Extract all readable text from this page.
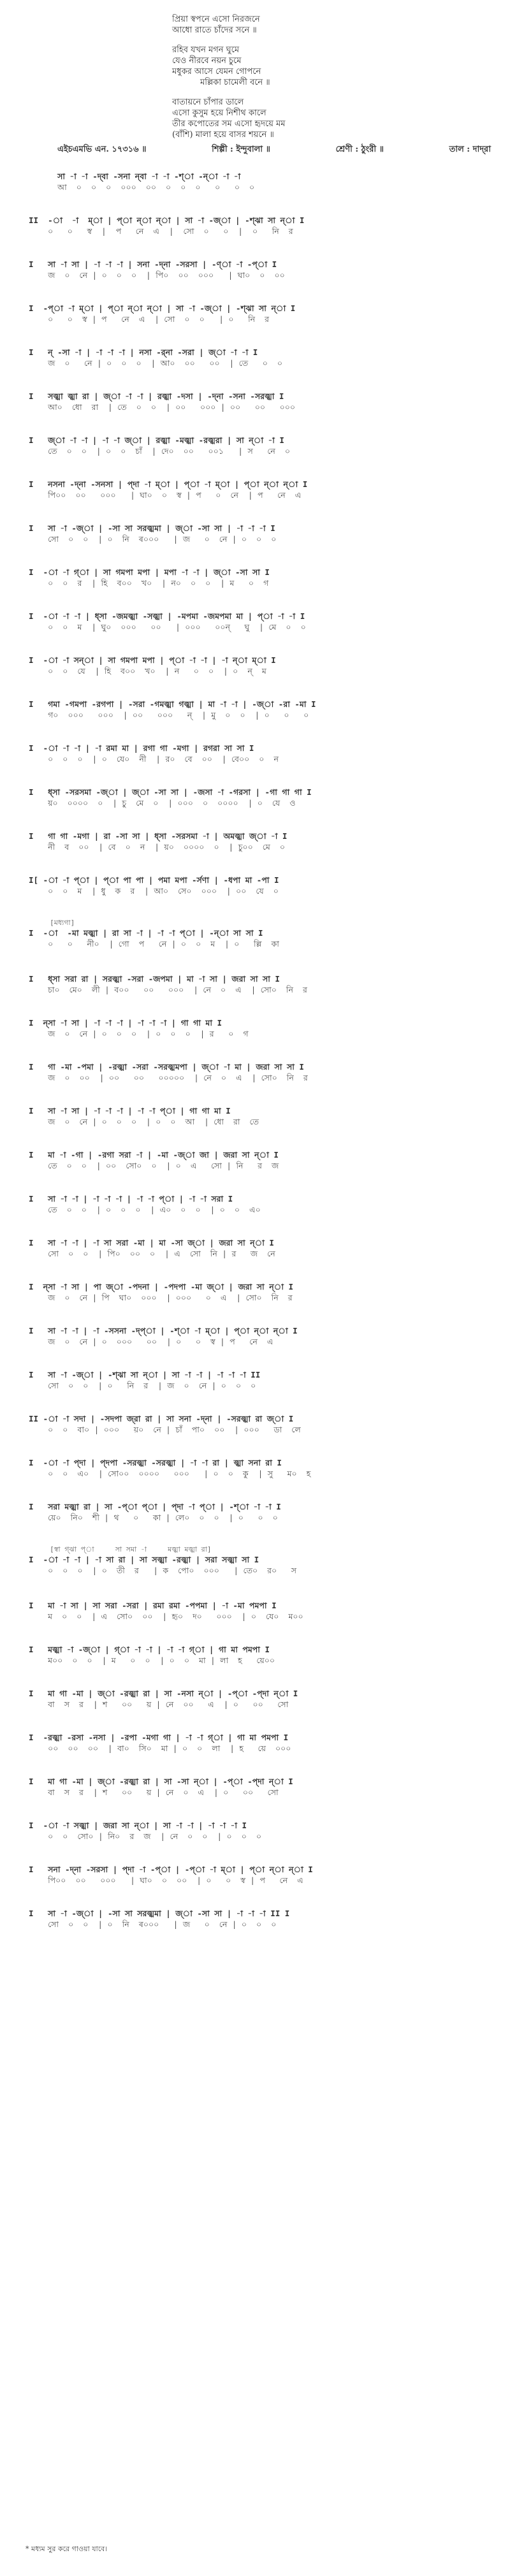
প্রিয়া স্বপনে এসো নিরজনে
আধো রাতে চাঁদের সনে ॥
রহিব যখন মগন ঘুমে
যেও নীরবে নয়ন চুমে
মধুকর আসে যেমন গোপনে
মল্লিকা চামেলী বনে ॥
বাতায়নে চাঁপার ডালে
এসো কুসুম হয়ে নিশীথ কালে
তীর কপোতের সম এসো হৃদয়ে মম
(বাঁশি) মালা হয়ে বাসর শয়নে ॥
এইচএমভি এন. ১৭৩১৬ ॥	শিল্পী : ইন্দুবালা ॥	শ্রেণী : ঠুংরী ॥	তাল : দাদ্‌রা
সা -া -া -দ্‌বা -সনা ন্‌বা -া -া -শ্‌া -ন্‌া -া -া
আ  ০  ০  ০  ০০০  ০০  ০  ০  ০   ০   ০  ০
II  -া  -া  ম্‌া | প্‌া ন্‌া ন্‌া | সা -া -জ্‌া | -শ্ঝা সা ন্‌া I
০   ০   স্ব  |  প   নে  এ  |  সো  ০   ০  |  ০   নি  র
I   সা -া সা | -া -া -া | সনা -দ্‌না -সরসা | -ণ্‌া -া -প্‌া I
জ  ০  নে | ০  ০  ০  | পি০  ০০  ০০০   | ঘা০  ০  ০০
I  -প্‌া -া ম্‌া | প্‌া ন্‌া ন্‌া | সা -া -জ্‌া | -শ্ঝা সা ন্‌া I
০   ০  স্ব | প   নে  এ  | সো  ০  ০   | ০   নি  র
I   ন্‌ -সা -া | -া -া -া | নসা -র্‌না -সরা | জ্‌া -া -া I
জ  ০   নে | ০  ০  ০  | আ০  ০০   ০০  | তে   ০  ০
I   সজ্ঝা জ্ঝা রা | জ্‌া -া -া | রজ্ঝা -দসা | -দ্‌না -সনা -সরজ্ঝা I
আ০  ধো  রা  | তে  ০  ০  | ০০   ০০০ | ০০   ০০   ০০০
I   জ্‌া -া -া | -া -া জ্‌া | রজ্ঝা -মজ্ঝা -রজ্ঝরা | সা ন্‌া -া I
তে  ০  ০  | ০  ০  চাঁ  | দে০  ০০   ০০১   | স   নে  ০
I   নসনা -দ্‌না -সনসা | প্‌দা -া ম্‌া | প্‌া -া ম্‌া | প্‌া ন্‌া ন্‌া I
পি০০  ০০   ০০০   | ঘা০  ০  স্ব | প   ০  নে  | প   নে  এ
I   সা -া -জ্‌া | -সা সা সরজ্ঝমা | জ্‌া -সা সা | -া -া -া I
সো  ০  ০  | ০  নি  ৰ০০০   | জ   ০  নে | ০  ০  ০
I  -া -া গ্‌া | সা গমপা মপা | মপা -া -া | জ্‌া -সা সা I
০  ০  র  | হি  ব০০  খ০  | ন০  ০  ০  | ম   ০  গ
I  -া -া -া | ধ্‌সা -জমজ্ঝা -সজ্ঝা | -মপমা -জমপমা মা | প্‌া -া -া I
০  ০  ম  | ঘু০  ০০০   ০০   | ০০০   ০০ন্‌   ঘু  | মে  ০  ০
I  -া -া সন্‌া | সা গমপা মপা | প্‌া -া -া | -া ন্‌া ম্‌া I
০  ০  যে  | হি  ব০০  খ০  | ন   ০  ০  | ০  ন্‌  ম
I   গমা -গমপা -রগপা | -সরা -গমজ্ঝা গজ্ঝা | মা -া -া | -জ্‌া -রা -মা I
গ০  ০০০   ০০০  | ০০   ০০০   ন্‌  | মু  ০  ০  | ০   ০   ০
I  -া -া -া | -া রমা মা | রগা গা -মগা | রগরা সা সা I
০  ০  ০  | ০  যে০  নী  | র০  বে  ০০  | বে০০  ০  ন
I   ধ্‌সা -সরসমা -জ্‌া | জ্‌া -সা সা | -জসা -া -গরসা | -গা গা গা I
য়০  ০০০০  ০  | চু  মে  ০  | ০০০  ০  ০০০০  | ০  যে  ও
I   গা গা -মগা | রা -সা সা | ধ্‌সা -সরসমা -া | অমজ্ঝা জ্‌া -া I
নী  ব  ০০  | বে  ০  ন  | য়০  ০০০০  ০  | চু০০  মে  ০
I[ -া -া প্‌া | প্‌া পা পা | পমা মপা -র্সণা | -ধপা মা -পা I
০  ০  ম  | ধু  ক  র  | আ০  সে০  ০০০  | ০০  যে  ০
[মধ্যগা]
I  -া  -মা মজ্ঝা | রা সা -া | -া -া প্‌া | -ন্‌া সা সা I
০   ০   নী০  | গো  প   নে | ০  ০  ম  | ০   ল্লি  কা
I   ধ্‌সা সরা রা | সরজ্ঝা -সরা -জপমা | মা -া সা | জরা সা সা I
চা০  মে০  লী | ব০০   ০০   ০০০  | নে  ০  এ  | সো০  নি  র
I  ন্‌সা -া সা | -া -া -া | -া -া -া | গা গা মা I
জ  ০  নে | ০  ০  ০  | ০  ০  ০  | র   ০  গ
I   গা -মা -পমা | -রজ্ঝা -সরা -সরজ্ঝমপা | জ্‌া -া মা | জরা সা সা I
জ  ০  ০০  | ০০   ০০   ০০০০০  | নে  ০  এ  | সো০  নি  র
I   সা -া সা | -া -া -া | -া -া প্‌া | গা গা মা I
জ  ০  নে | ০  ০  ০  | ০  ০  আ  | ধো  রা  তে
I   মা -া -গা | -রগা সরা -া | -মা -জ্‌া জা | জরা সা ন্‌া I
তে  ০  ০  | ০০  সো০  ০  | ০  এ   সো | নি   র  জ
I   সা -া -া | -া -া -া | -া -া প্‌া | -া -া সরা I
তে  ০  ০  | ০  ০  ০  | এ০  ০  ০  | ০  ০  এ০
I   সা -া -া | -া সা সরা -মা | মা -সা জ্‌া | জরা সা ন্‌া I
সো  ০  ০  | পি০  ০০  ০  | এ  সো  নি | র   জ  নে
I  ন্‌সা -া সা | পা জ্‌া -পদনা | -পদপা -মা জ্‌া | জরা সা ন্‌া I
জ  ০  নে | পি  ঘা০  ০০০  | ০০০   ০  এ  | সো০  নি  র
I   সা -া -া | -া -সসনা -দ্‌প্‌া | -শ্‌া -া ম্‌া | প্‌া ন্‌া ন্‌া I
জ  ০  নে | ০  ০০০   ০০  | ০   ০  স্ব | প   নে  এ
I   সা -া -জ্‌া | -শ্ঝা সা ন্‌া | সা -া -া | -া -া -া II
সো  ০  ০  | ০   নি  র  | জ  ০  নে | ০  ০  ০
II -া -া সদা | -সদপা জ্‌রা রা | সা সনা -দ্‌না | -সরজ্ঝা রা জ্‌া I
০  ০  বা০ | ০০০   য়০  নে | চাঁ  পা০  ০০  | ০০০   ডা  লে
I  -া -া প্‌দা | প্‌দপা -সরজ্ঝা -সরজ্ঝা | -া -া রা | জ্ঝা সনা রা I
০  ০  এ০  | সো০০  ০০০০   ০০০   | ০  ০  কু  | সু   ম০  হ
I   সরা মজ্ঝা রা | সা -প্‌া প্‌া | প্‌দা -া প্‌া | -শ্‌া -া -া I
য়ে০  নি০  শী | থ   ০   কা | লে০  ০  ০  | ০   ০  ০
[স্বা গ্‌ঝা প্‌া     সা সমা -া     মজ্ঝা মজ্ঝা রা]
I  -া -া -া | -া সা রা | সা সজ্ঝা -রজ্ঝা | সরা সজ্ঝা সা I
০  ০  ০  | ০  তী  র   | ক  পো০  ০০০   | তে০  র০   স
I   মা -া সা | সা সরা -সরা | রমা রমা -পপমা | -া -মা পমপা I
ম  ০  ০  | এ  সো০  ০০  | হৃ০  দ০   ০০০  | ০  যে০  ম০০
I   মজ্ঝা -া -জ্‌া | গ্‌া -া -া | -া -া গ্‌া | গা মা পমপা I
ম০০  ০  ০  | ম   ০  ০  | ০  ০  মা | লা  হ   য়ে০০
I   মা গা -মা | জ্‌া -রজ্ঝা রা | সা -নসা ন্‌া | -প্‌া -প্‌দা ন্‌া I
বা  স  র  | শ   ০০   য় | নে  ০০   এ  | ০   ০০   সো
I  -রজ্ঝা -রসা -নসা | -রপা -মগা গা | -া -া গ্‌া | গা মা পমপা I
০০  ০০  ০০  | বা০  সি০  মা | ০  ০  লা  | হ   য়ে  ০০০
I   মা গা -মা | জ্‌া -রজ্ঝা রা | সা -সা ন্‌া | -প্‌া -প্‌দা ন্‌া I
বা  স  র  | শ   ০০   য় | নে  ০  এ  | ০   ০০   সো
I  -া -া সজ্ঝা | জরা সা ন্‌া | সা -া -া | -া -া -া I
০  ০  সো০ | নি০  র  জ  | নে  ০  ০  | ০  ০  ০
I   সনা -দ্‌না -সরসা | প্‌দা -া -প্‌া | -প্‌া -া ম্‌া | প্‌া ন্‌া ন্‌া I
পি০০  ০০   ০০০   | ঘা০  ০  ০০  | ০   ০  স্ব | প   নে  এ
I   সা -া -জ্‌া | -সা সা সরজ্ঝমা | জ্‌া -সা সা | -া -া -া II I
সো  ০  ০  | ০  নি  ৰ০০০   | জ   ০  নে | ০  ০  ০
* মধ্যম সুর করে গাওয়া যাবে।
